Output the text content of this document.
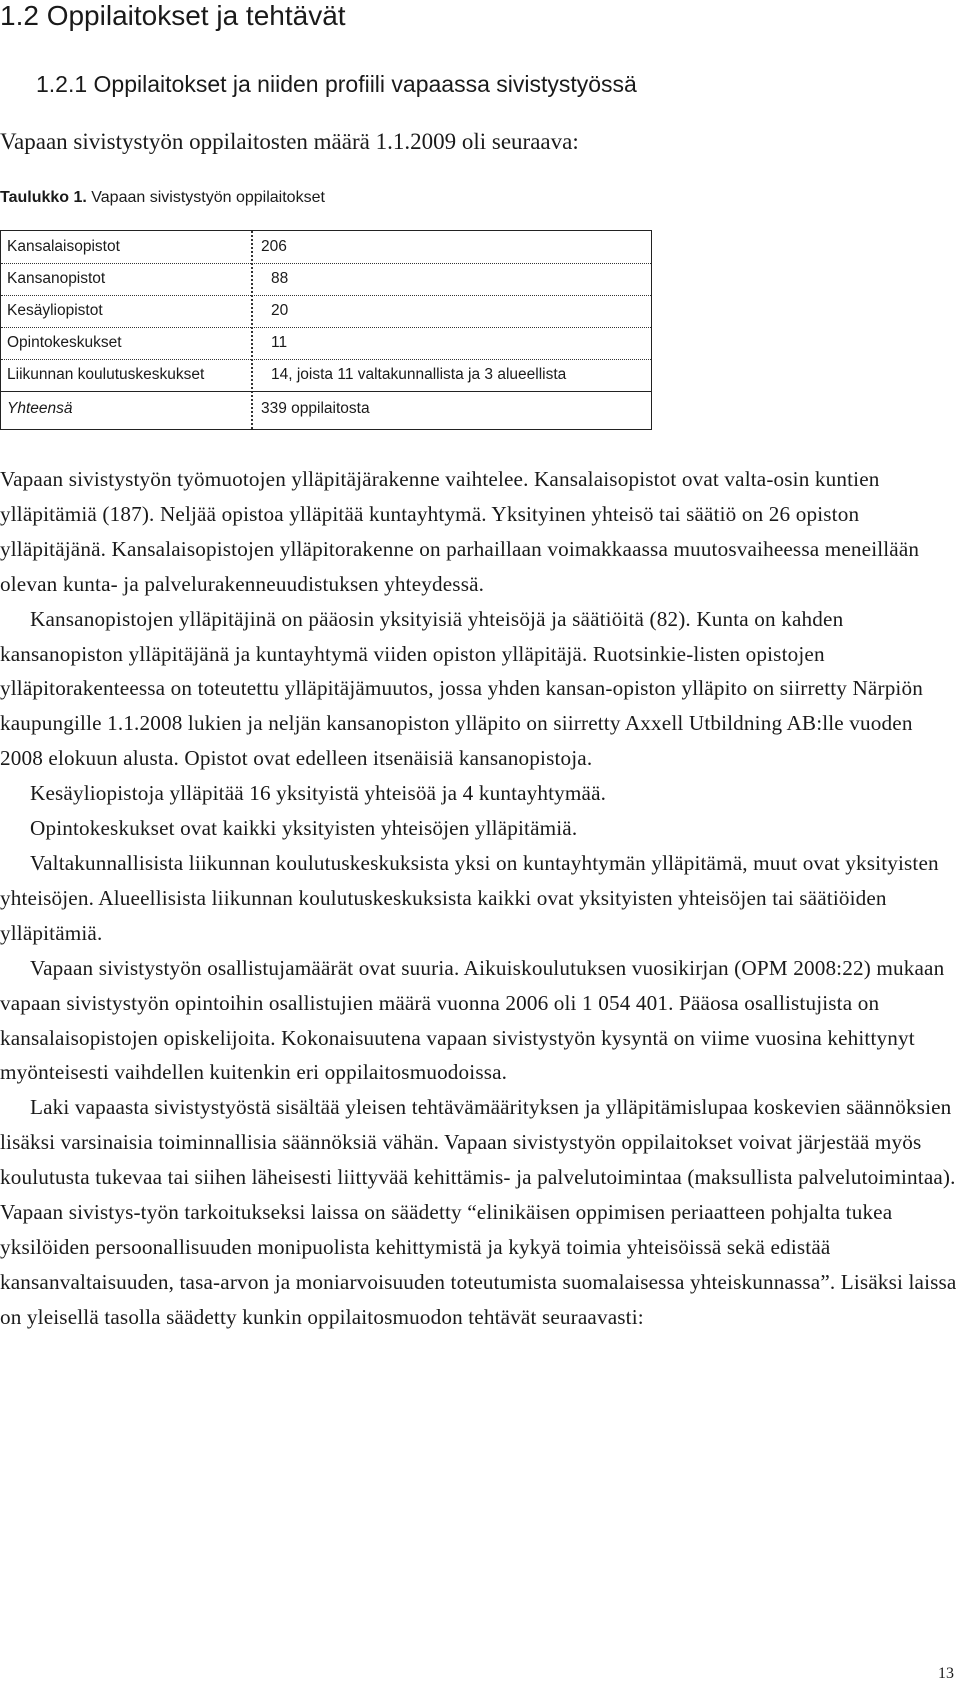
1.2 Oppilaitokset ja tehtävät
1.2.1 Oppilaitokset ja niiden profiili vapaassa sivistystyössä

Vapaan sivistystyön oppilaitosten määrä 1.1.2009 oli seuraava:

Taulukko 1. Vapaan sivistystyön oppilaitokset

Kansalaisopistot	206
Kansanopistot	88
Kesäyliopistot	20
Opintokeskukset	11
Liikunnan koulutuskeskukset	14, joista 11 valtakunnallista ja 3 alueellista
Yhteensä	339 oppilaitosta

Vapaan sivistystyön työmuotojen ylläpitäjärakenne vaihtelee. Kansalaisopistot ovat valta-osin kuntien ylläpitämiä (187). Neljää opistoa ylläpitää kuntayhtymä. Yksityinen yhteisö tai säätiö on 26 opiston ylläpitäjänä. Kansalaisopistojen ylläpitorakenne on parhaillaan voimakkaassa muutosvaiheessa meneillään olevan kunta- ja palvelurakenneuudistuksen yhteydessä.

Kansanopistojen ylläpitäjinä on pääosin yksityisiä yhteisöjä ja säätiöitä (82). Kunta on kahden kansanopiston ylläpitäjänä ja kuntayhtymä viiden opiston ylläpitäjä. Ruotsinkie-listen opistojen ylläpitorakenteessa on toteutettu ylläpitäjämuutos, jossa yhden kansan-opiston ylläpito on siirretty Närpiön kaupungille 1.1.2008 lukien ja neljän kansanopiston ylläpito on siirretty Axxell Utbildning AB:lle vuoden 2008 elokuun alusta. Opistot ovat edelleen itsenäisiä kansanopistoja.

Kesäyliopistoja ylläpitää 16 yksityistä yhteisöä ja 4 kuntayhtymää.

Opintokeskukset ovat kaikki yksityisten yhteisöjen ylläpitämiä.

Valtakunnallisista liikunnan koulutuskeskuksista yksi on kuntayhtymän ylläpitämä, muut ovat yksityisten yhteisöjen. Alueellisista liikunnan koulutuskeskuksista kaikki ovat yksityisten yhteisöjen tai säätiöiden ylläpitämiä.

Vapaan sivistystyön osallistujamäärät ovat suuria. Aikuiskoulutuksen vuosikirjan (OPM 2008:22) mukaan vapaan sivistystyön opintoihin osallistujien määrä vuonna 2006 oli 1 054 401. Pääosa osallistujista on kansalaisopistojen opiskelijoita. Kokonaisuutena vapaan sivistystyön kysyntä on viime vuosina kehittynyt myönteisesti vaihdellen kuitenkin eri oppilaitosmuodoissa.

Laki vapaasta sivistystyöstä sisältää yleisen tehtävämäärityksen ja ylläpitämislupaa koskevien säännöksien lisäksi varsinaisia toiminnallisia säännöksiä vähän. Vapaan sivistystyön oppilaitokset voivat järjestää myös koulutusta tukevaa tai siihen läheisesti liittyvää kehittämis- ja palvelutoimintaa (maksullista palvelutoimintaa). Vapaan sivistys-työn tarkoitukseksi laissa on säädetty “elinikäisen oppimisen periaatteen pohjalta tukea yksilöiden persoonallisuuden monipuolista kehittymistä ja kykyä toimia yhteisöissä sekä edistää kansanvaltaisuuden, tasa-arvon ja moniarvoisuuden toteutumista suomalaisessa yhteiskunnassa”. Lisäksi laissa on yleisellä tasolla säädetty kunkin oppilaitosmuodon tehtävät seuraavasti:

13
